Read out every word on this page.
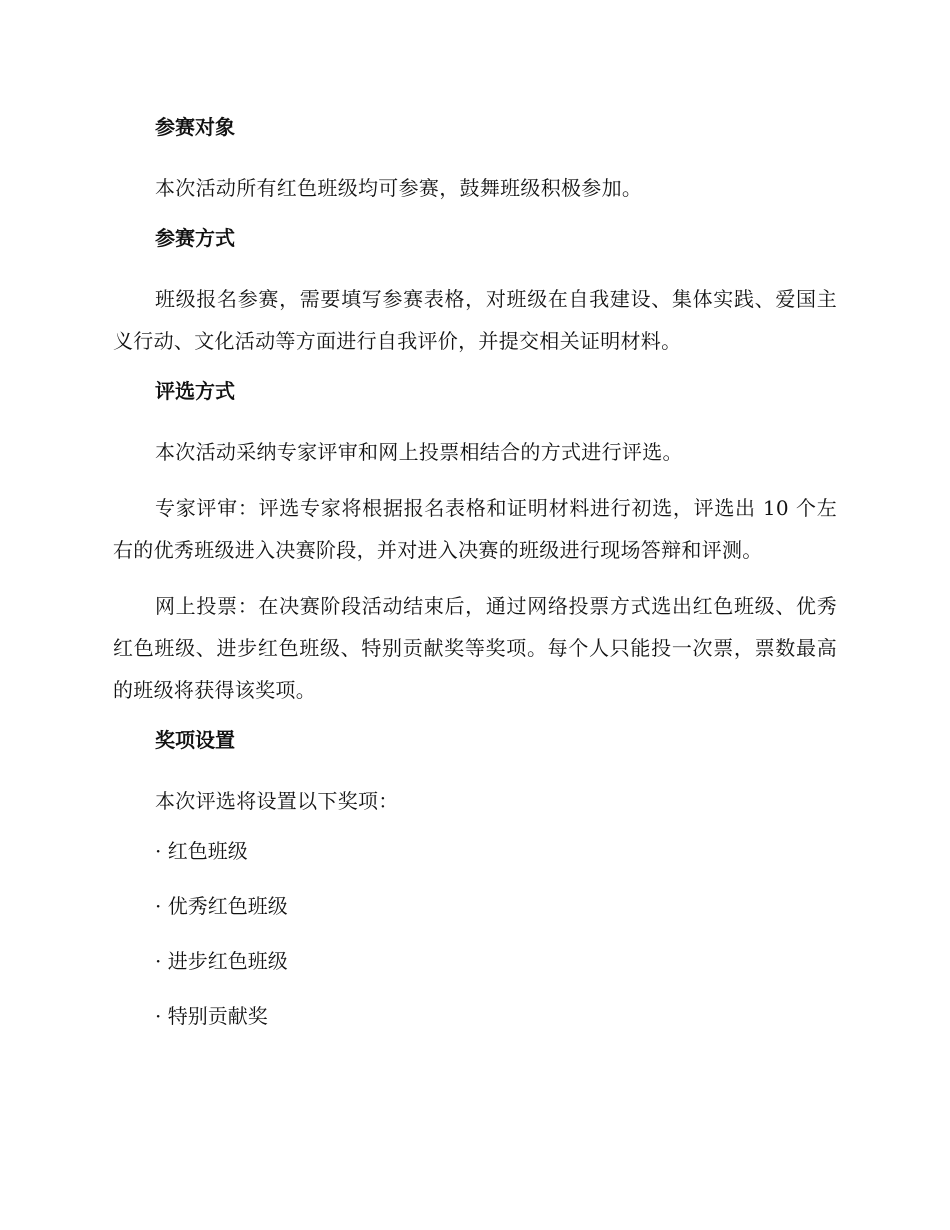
参赛对象

本次活动所有红色班级均可参赛，鼓舞班级积极参加。

参赛方式

班级报名参赛，需要填写参赛表格，对班级在自我建设、集体实践、爱国主义行动、文化活动等方面进行自我评价，并提交相关证明材料。

评选方式

本次活动采纳专家评审和网上投票相结合的方式进行评选。

专家评审：评选专家将根据报名表格和证明材料进行初选，评选出 10 个左右的优秀班级进入决赛阶段，并对进入决赛的班级进行现场答辩和评测。

网上投票：在决赛阶段活动结束后，通过网络投票方式选出红色班级、优秀红色班级、进步红色班级、特别贡献奖等奖项。每个人只能投一次票，票数最高的班级将获得该奖项。

奖项设置

本次评选将设置以下奖项：

· 红色班级

· 优秀红色班级

· 进步红色班级

· 特别贡献奖
